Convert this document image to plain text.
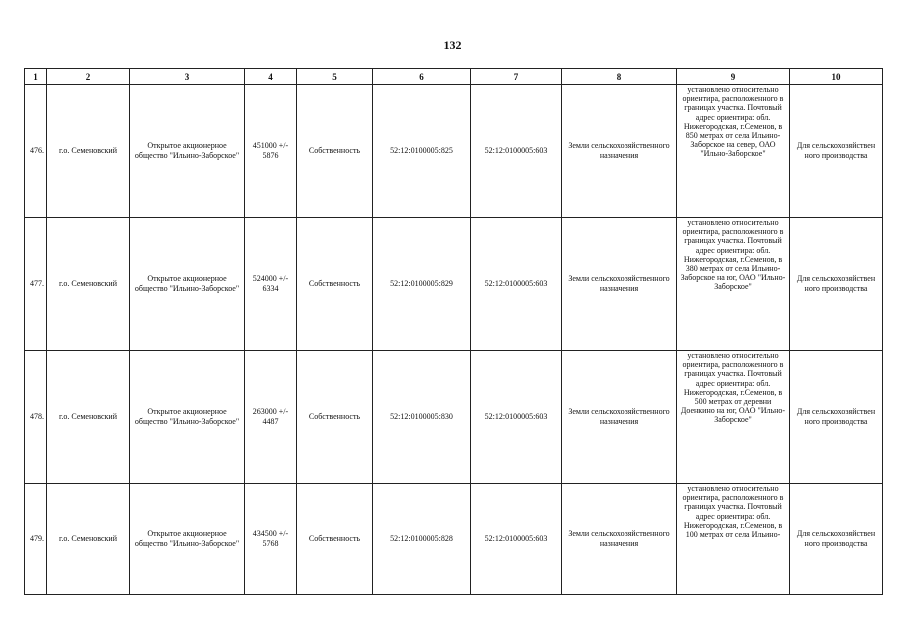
132
1	2	3	4	5	6	7	8	9	10
476.	г.о. Семеновский	Открытое акционерное общество "Ильино-Заборское"	451000 +/- 5876	Собственность	52:12:0100005:825	52:12:0100005:603	Земли сельскохозяйственного назначения	установлено относительно ориентира, расположенного в границах участка. Почтовый адрес ориентира: обл. Нижегородская, г.Семенов, в 850 метрах от села Ильино-Заборское на север, ОАО "Ильно-Заборское"	Для сельскохозяйствен ного производства
477.	г.о. Семеновский	Открытое акционерное общество "Ильино-Заборское"	524000 +/- 6334	Собственность	52:12:0100005:829	52:12:0100005:603	Земли сельскохозяйственного назначения	установлено относительно ориентира, расположенного в границах участка. Почтовый адрес ориентира: обл. Нижегородская, г.Семенов, в 380 метрах от села Ильино-Заборское на юг, ОАО "Ильно-Заборское"	Для сельскохозяйствен ного производства
478.	г.о. Семеновский	Открытое акционерное общество "Ильино-Заборское"	263000 +/- 4487	Собственность	52:12:0100005:830	52:12:0100005:603	Земли сельскохозяйственного назначения	установлено относительно ориентира, расположенного в границах участка. Почтовый адрес ориентира: обл. Нижегородская, г.Семенов, в 500 метрах от деревни Доенкино на юг, ОАО "Ильно-Заборское"	Для сельскохозяйствен ного производства
479.	г.о. Семеновский	Открытое акционерное общество "Ильино-Заборское"	434500 +/- 5768	Собственность	52:12:0100005:828	52:12:0100005:603	Земли сельскохозяйственного назначения	установлено относительно ориентира, расположенного в границах участка. Почтовый адрес ориентира: обл. Нижегородская, г.Семенов, в 100 метрах от села Ильино-	Для сельскохозяйствен ного производства
